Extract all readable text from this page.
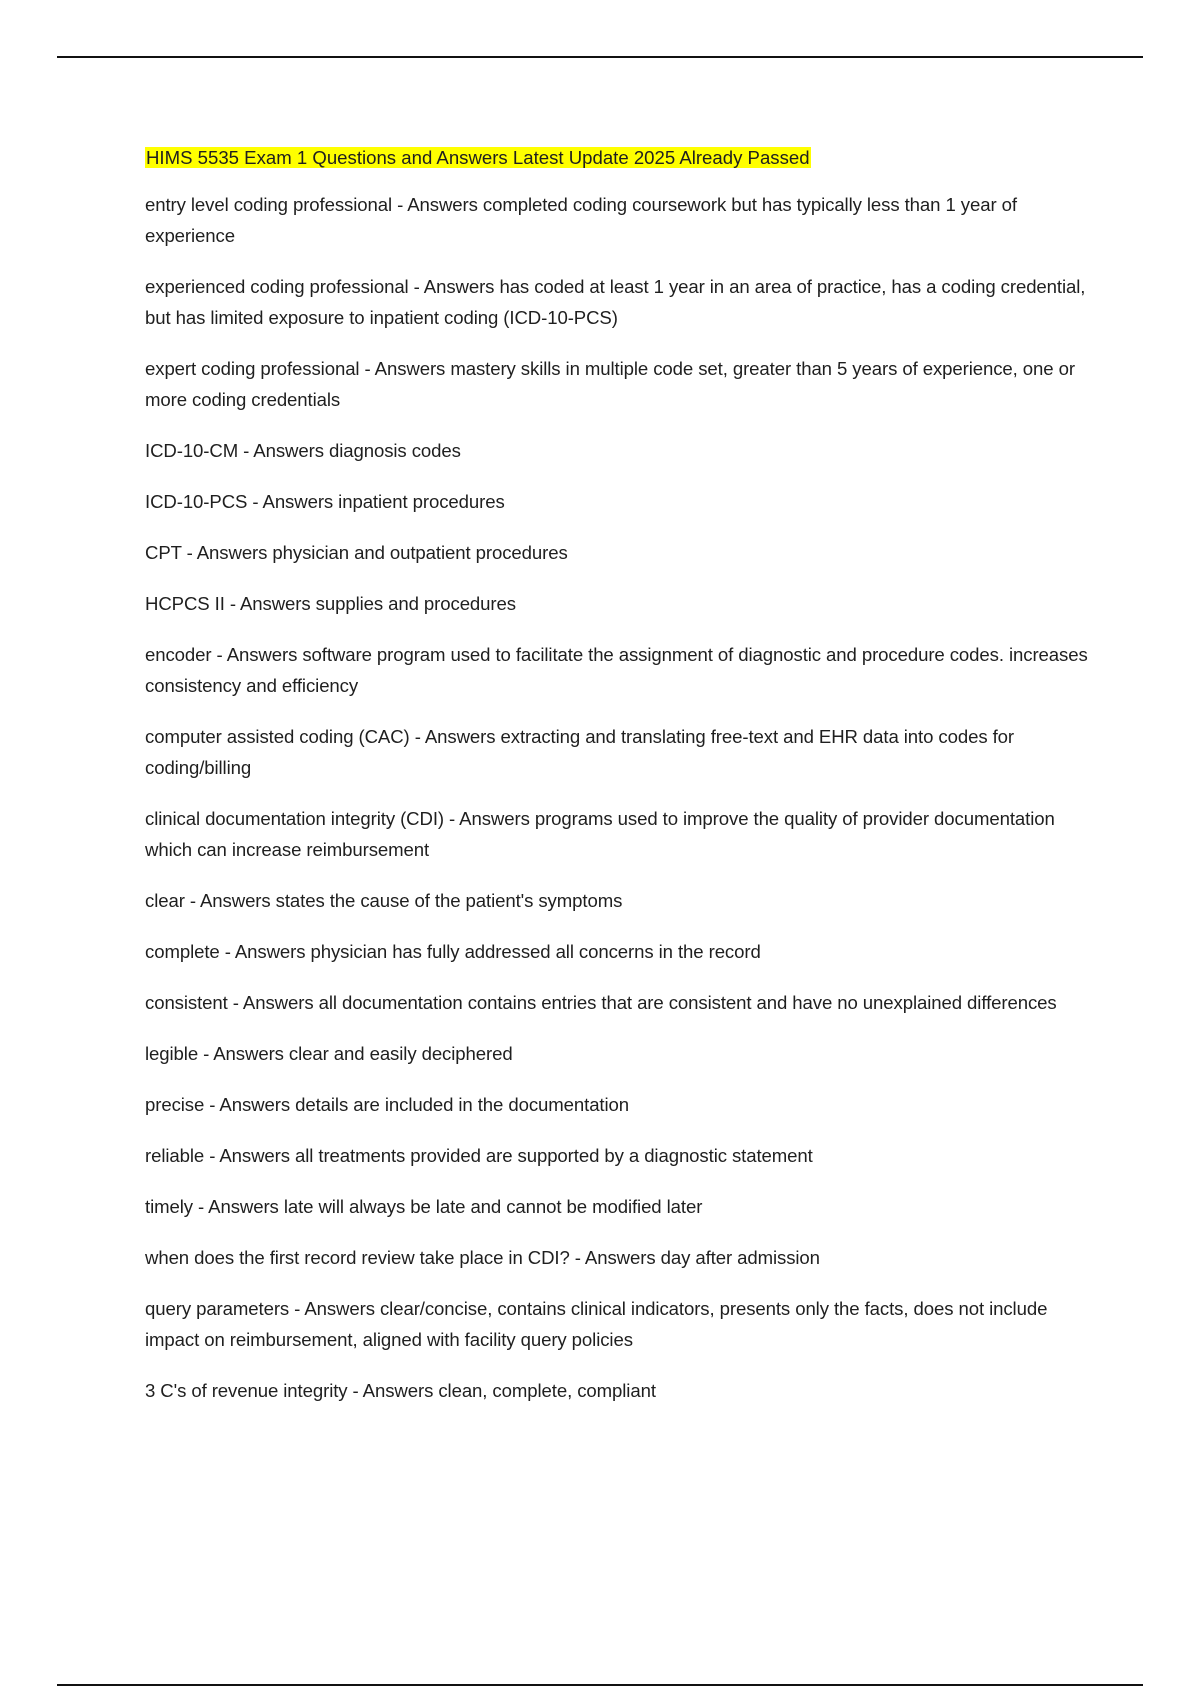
HIMS 5535 Exam 1 Questions and Answers Latest Update 2025 Already Passed

entry level coding professional - Answers completed coding coursework but has typically less than 1 year of experience

experienced coding professional - Answers has coded at least 1 year in an area of practice, has a coding credential, but has limited exposure to inpatient coding (ICD-10-PCS)

expert coding professional - Answers mastery skills in multiple code set, greater than 5 years of experience, one or more coding credentials

ICD-10-CM - Answers diagnosis codes

ICD-10-PCS - Answers inpatient procedures

CPT - Answers physician and outpatient procedures

HCPCS II - Answers supplies and procedures

encoder - Answers software program used to facilitate the assignment of diagnostic and procedure codes. increases consistency and efficiency

computer assisted coding (CAC) - Answers extracting and translating free-text and EHR data into codes for coding/billing

clinical documentation integrity (CDI) - Answers programs used to improve the quality of provider documentation which can increase reimbursement

clear - Answers states the cause of the patient's symptoms

complete - Answers physician has fully addressed all concerns in the record

consistent - Answers all documentation contains entries that are consistent and have no unexplained differences

legible - Answers clear and easily deciphered

precise - Answers details are included in the documentation

reliable - Answers all treatments provided are supported by a diagnostic statement

timely - Answers late will always be late and cannot be modified later

when does the first record review take place in CDI? - Answers day after admission

query parameters - Answers clear/concise, contains clinical indicators, presents only the facts, does not include impact on reimbursement, aligned with facility query policies

3 C's of revenue integrity - Answers clean, complete, compliant
